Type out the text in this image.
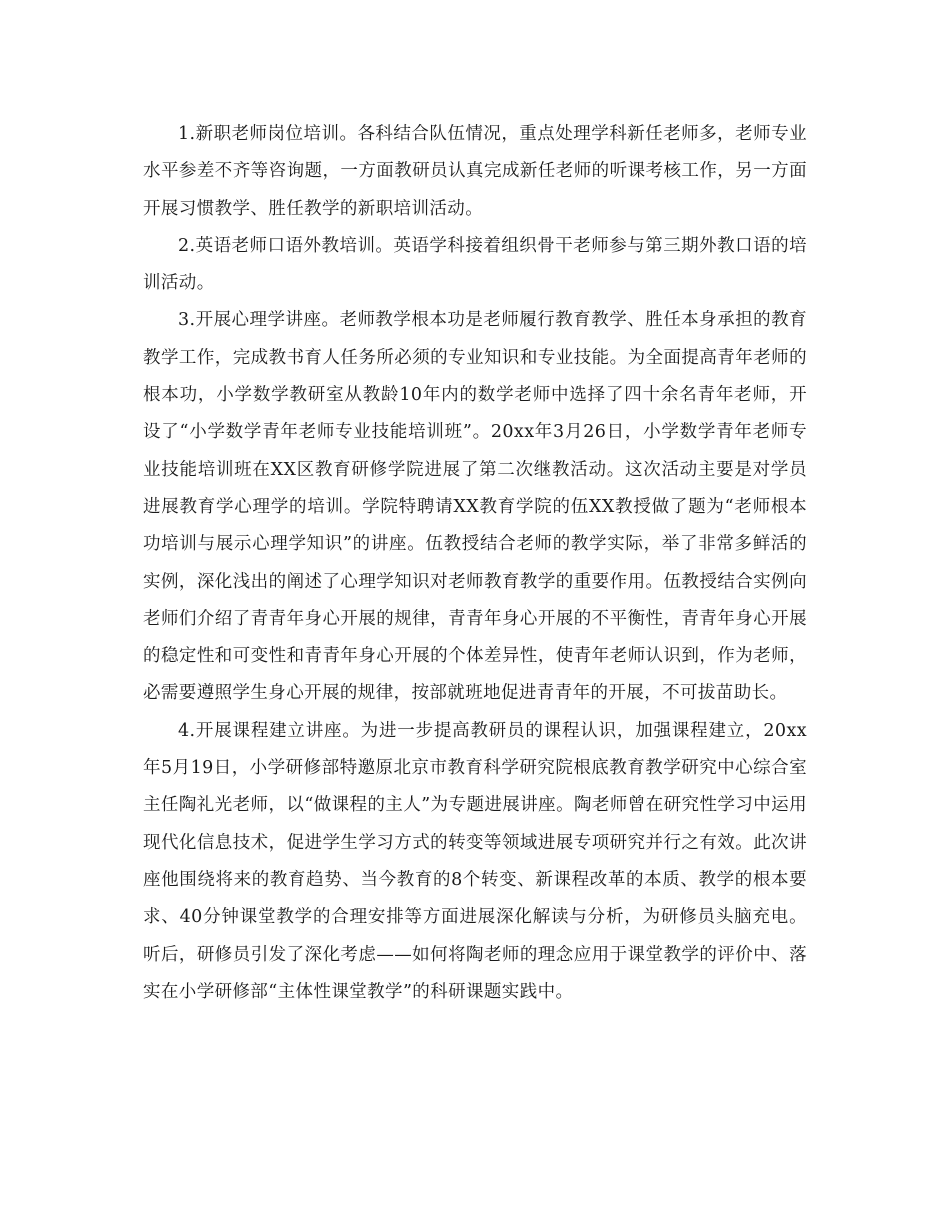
1.新职老师岗位培训。各科结合队伍情况，重点处理学科新任老师多，老师专业水平参差不齐等咨询题，一方面教研员认真完成新任老师的听课考核工作，另一方面开展习惯教学、胜任教学的新职培训活动。

2.英语老师口语外教培训。英语学科接着组织骨干老师参与第三期外教口语的培训活动。

3.开展心理学讲座。老师教学根本功是老师履行教育教学、胜任本身承担的教育教学工作，完成教书育人任务所必须的专业知识和专业技能。为全面提高青年老师的根本功，小学数学教研室从教龄10年内的数学老师中选择了四十余名青年老师，开设了“小学数学青年老师专业技能培训班”。20xx年3月26日，小学数学青年老师专业技能培训班在XX区教育研修学院进展了第二次继教活动。这次活动主要是对学员进展教育学心理学的培训。学院特聘请XX教育学院的伍XX教授做了题为“老师根本功培训与展示心理学知识”的讲座。伍教授结合老师的教学实际，举了非常多鲜活的实例，深化浅出的阐述了心理学知识对老师教育教学的重要作用。伍教授结合实例向老师们介绍了青青年身心开展的规律，青青年身心开展的不平衡性，青青年身心开展的稳定性和可变性和青青年身心开展的个体差异性，使青年老师认识到，作为老师，必需要遵照学生身心开展的规律，按部就班地促进青青年的开展，不可拔苗助长。

4.开展课程建立讲座。为进一步提高教研员的课程认识，加强课程建立，20xx年5月19日，小学研修部特邀原北京市教育科学研究院根底教育教学研究中心综合室主任陶礼光老师，以“做课程的主人”为专题进展讲座。陶老师曾在研究性学习中运用现代化信息技术，促进学生学习方式的转变等领域进展专项研究并行之有效。此次讲座他围绕将来的教育趋势、当今教育的8个转变、新课程改革的本质、教学的根本要求、40分钟课堂教学的合理安排等方面进展深化解读与分析，为研修员头脑充电。听后，研修员引发了深化考虑——如何将陶老师的理念应用于课堂教学的评价中、落实在小学研修部“主体性课堂教学”的科研课题实践中。
